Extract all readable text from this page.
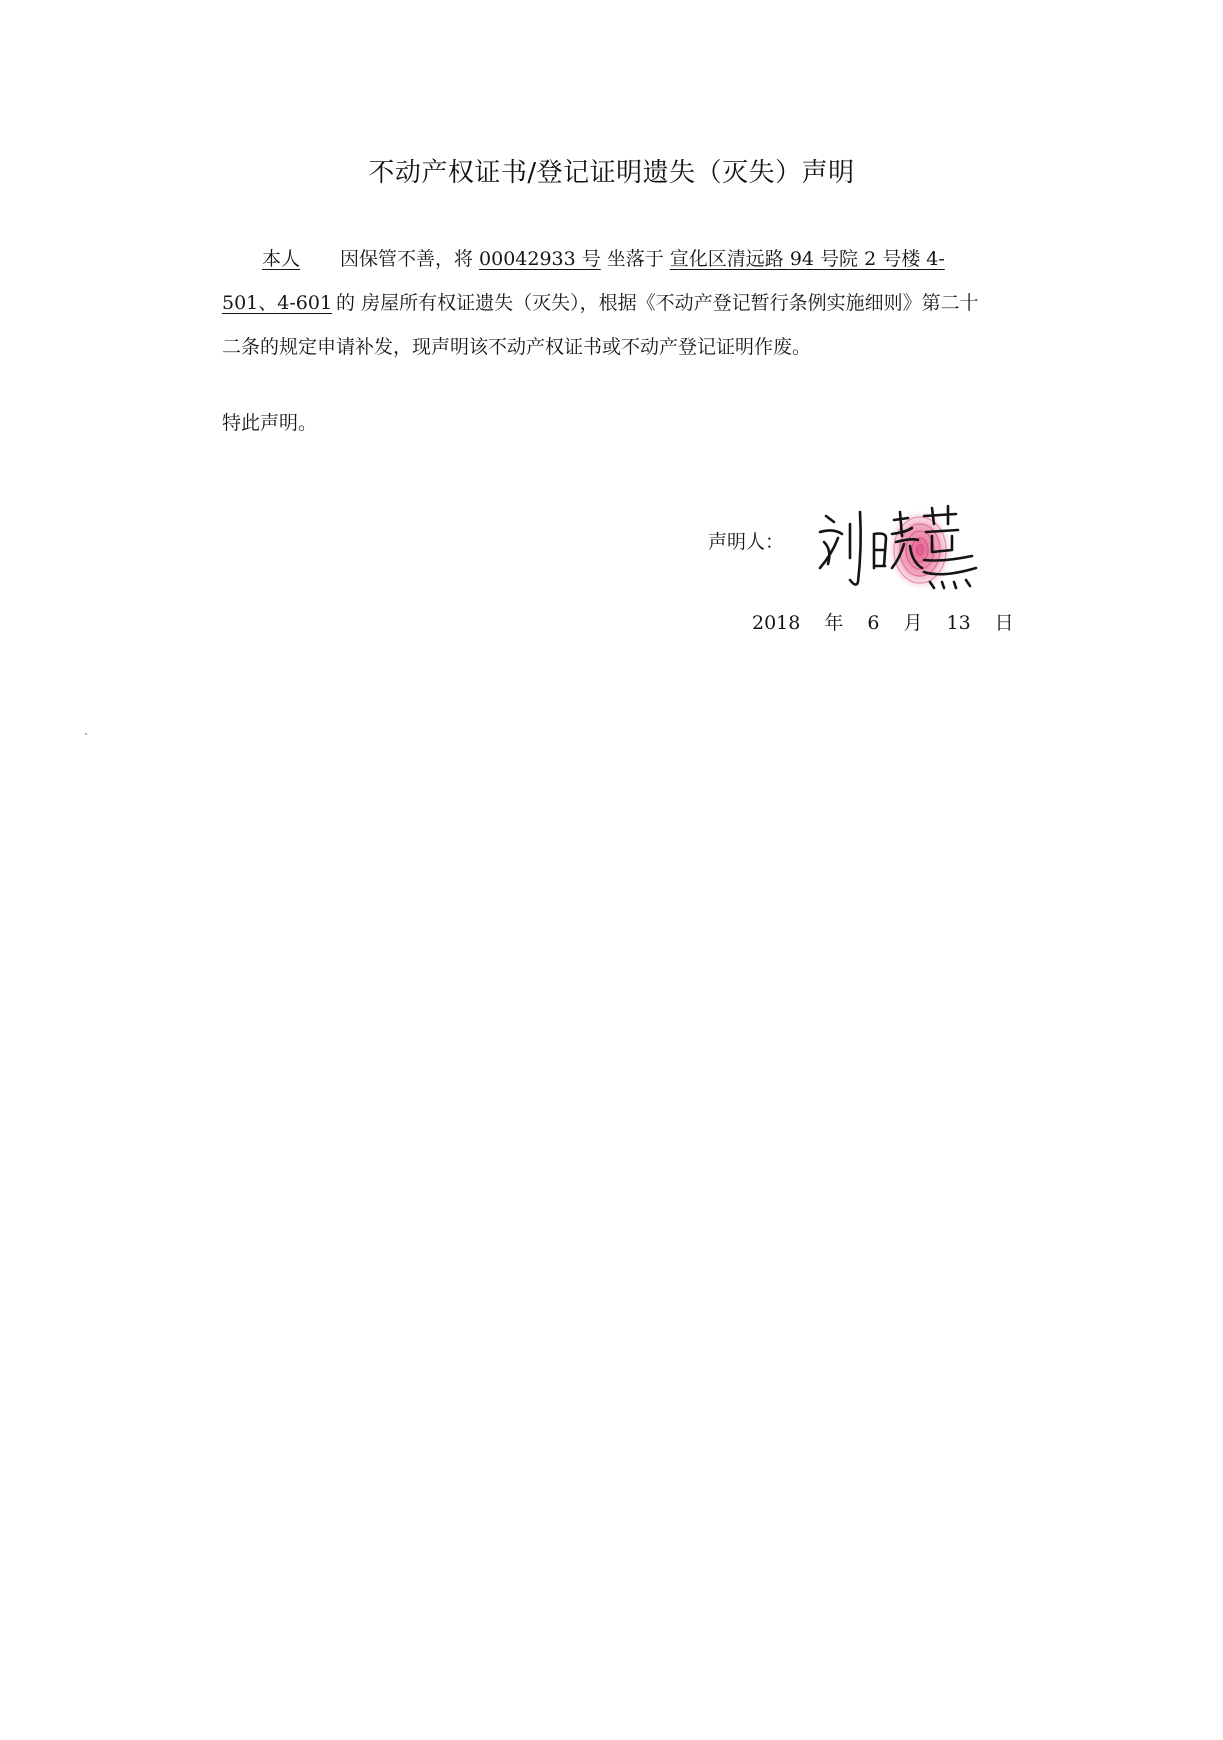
不动产权证书/登记证明遗失（灭失）声明
本人 因保管不善，将 00042933 号 坐落于 宣化区清远路 94 号院 2 号楼 4-
501、4-601 的 房屋所有权证遗失（灭失），根据《不动产登记暂行条例实施细则》第二十
二条的规定申请补发，现声明该不动产权证书或不动产登记证明作废。
特此声明。
声明人：
2018 年 6 月 13 日
